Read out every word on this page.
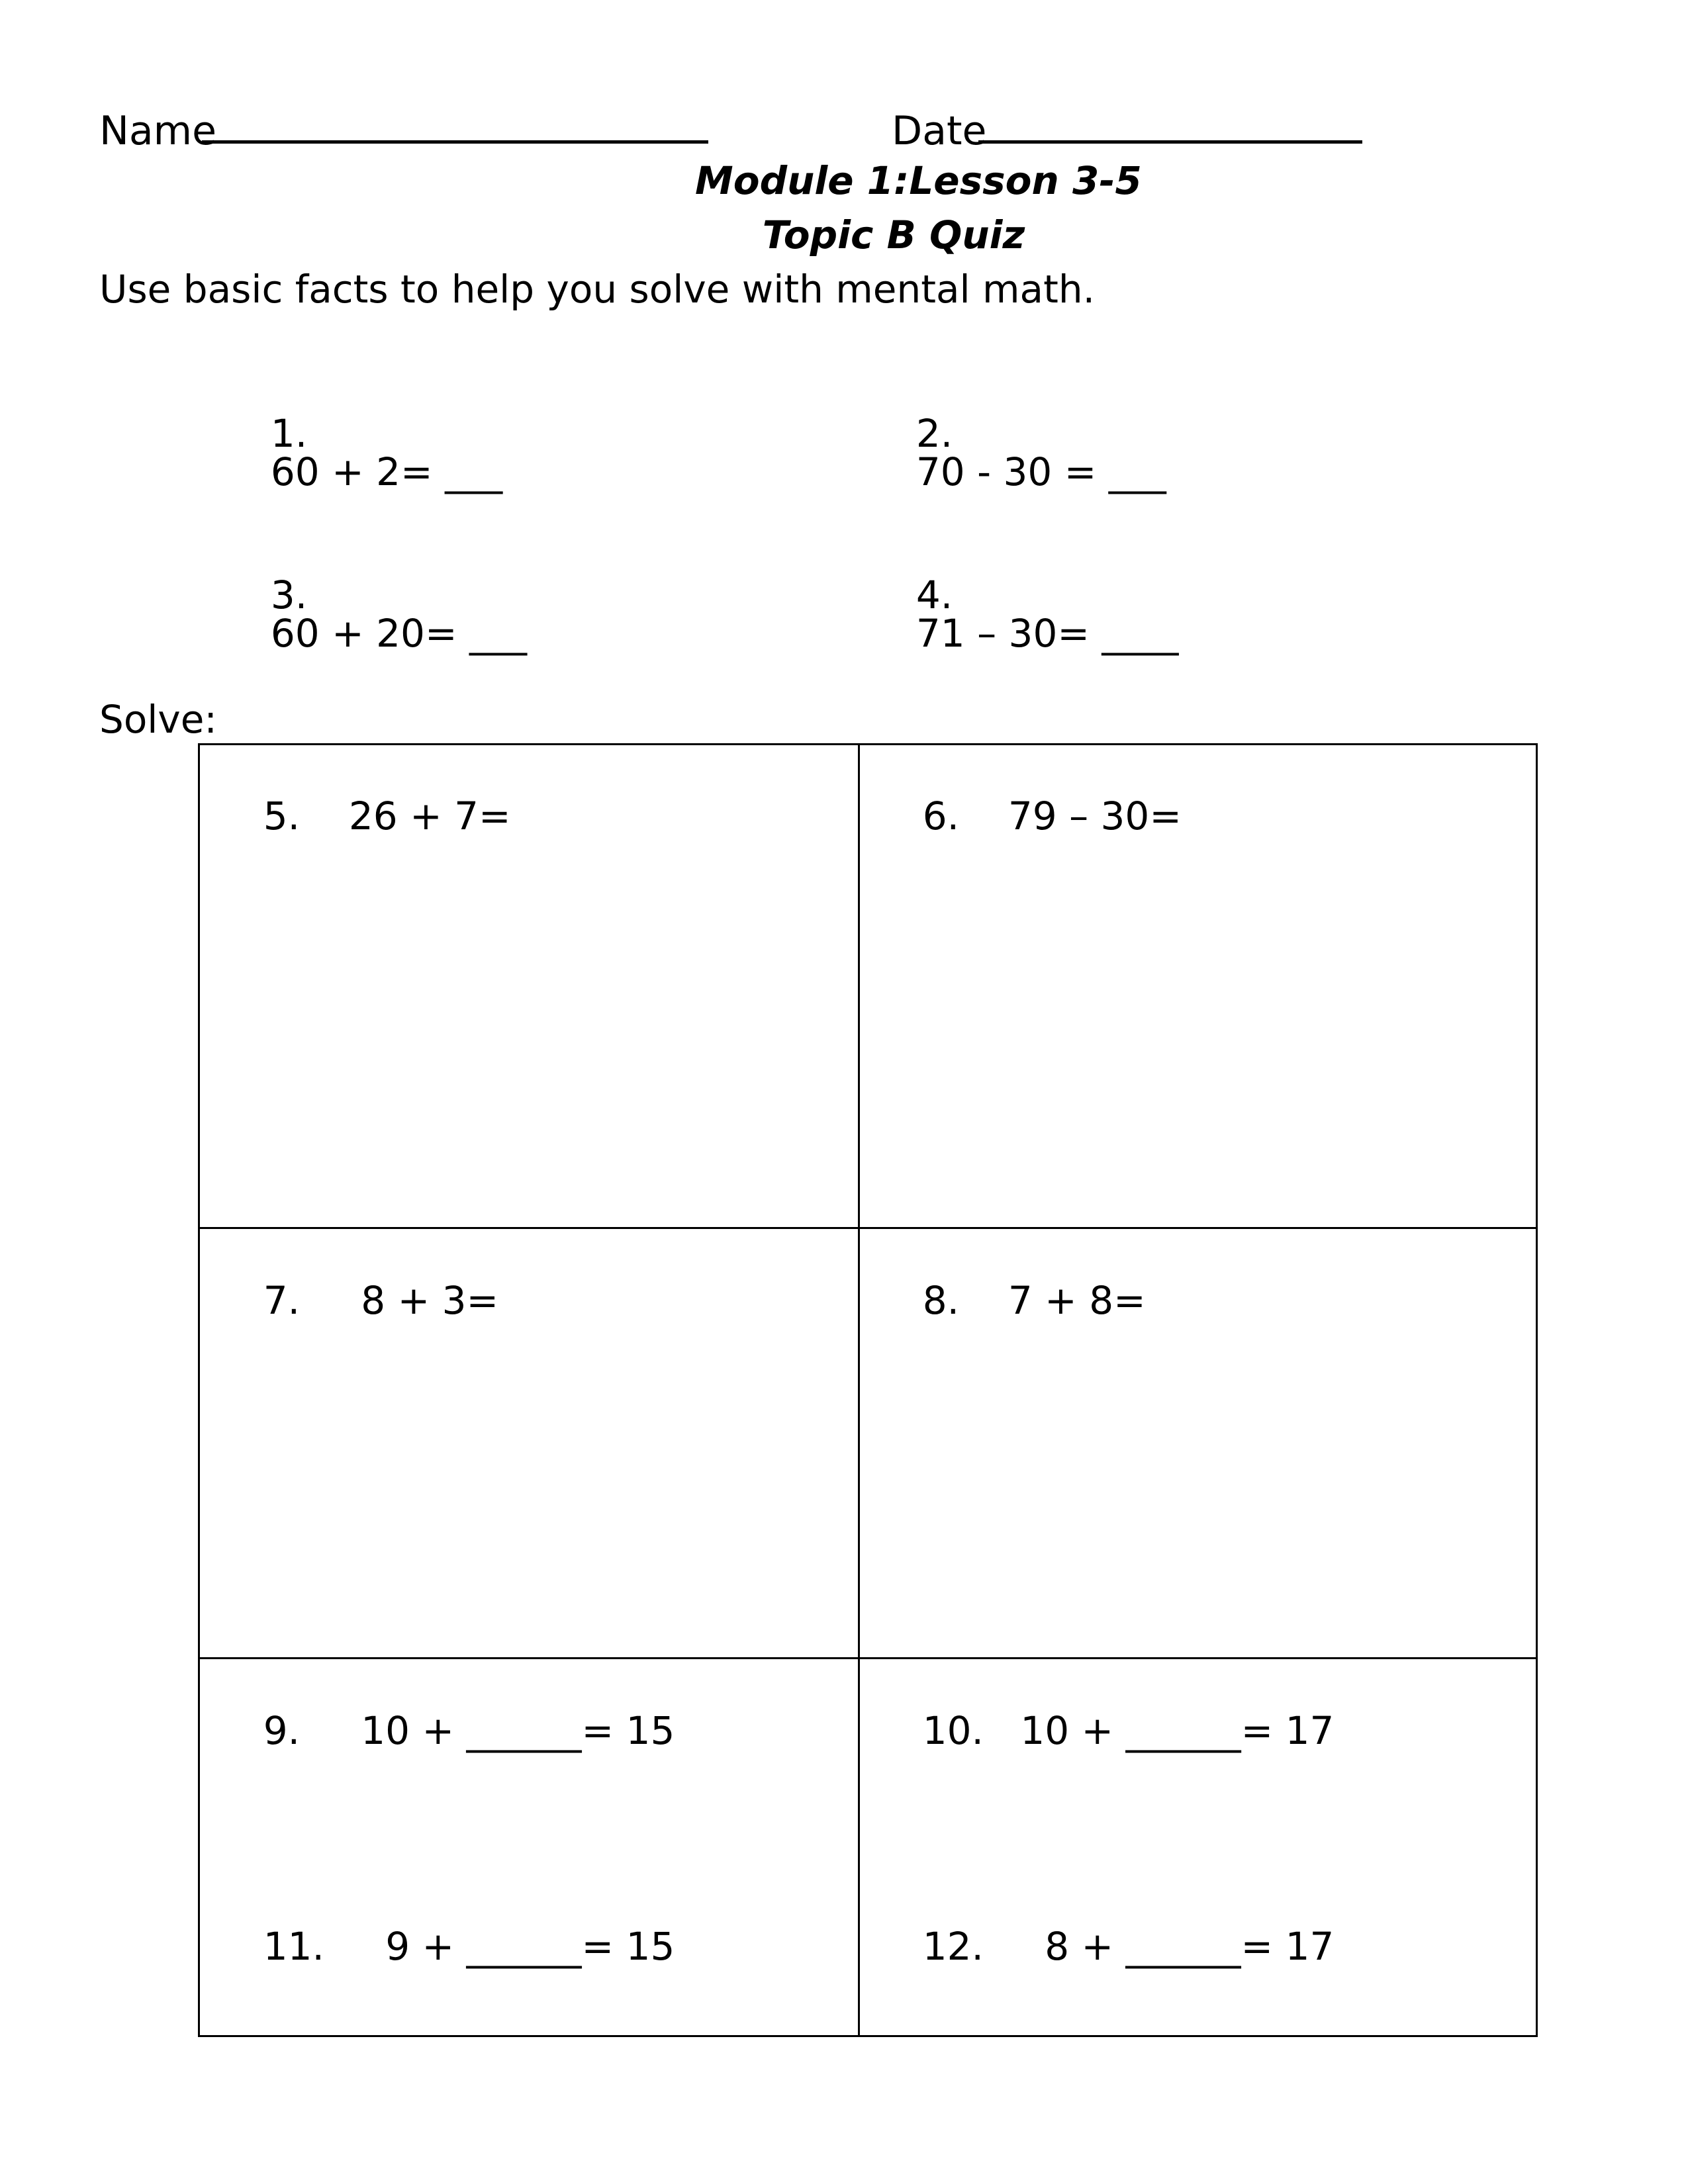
Name	Date
Module 1:Lesson 3-5
Topic B Quiz
Use basic facts to help you solve with mental math.

1.
60 + 2= ___

2.
70 - 30 = ___

3.
60 + 20= ___

4.
71 – 30= ____

Solve:

5. 26 + 7=
	6. 79 – 30=

7. 8 + 3=
	8. 7 + 8=

9. 10 + ______= 15
	10. 10 + ______= 17

11. 9 + ______= 15
	12. 8 + ______= 17
